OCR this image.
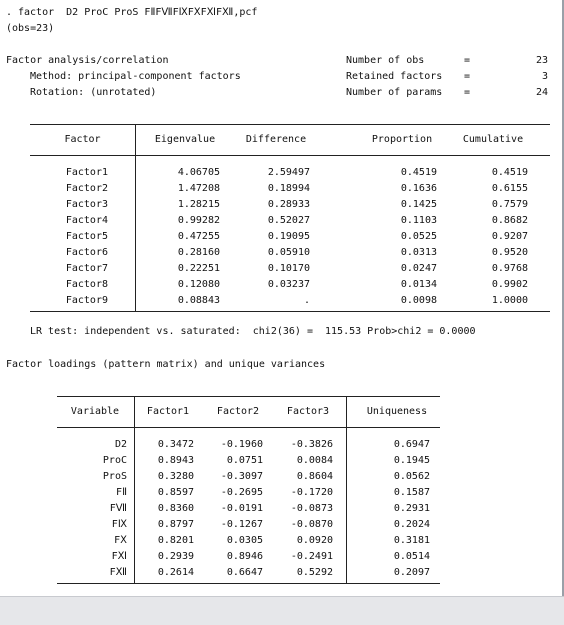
. factor  D2 ProC ProS FⅡFⅦFⅨFⅩFⅪFⅫ,pcf
(obs=23)
Factor analysis/correlation
Method: principal-component factors
Rotation: (unrotated)
Number of obs	=	23
Retained factors =	3
Number of params =	24
Factor	Eigenvalue	Difference	Proportion	Cumulative
Factor1	4.06705	2.59497	0.4519	0.4519
Factor2	1.47208	0.18994	0.1636	0.6155
Factor3	1.28215	0.28933	0.1425	0.7579
Factor4	0.99282	0.52027	0.1103	0.8682
Factor5	0.47255	0.19095	0.0525	0.9207
Factor6	0.28160	0.05910	0.0313	0.9520
Factor7	0.22251	0.10170	0.0247	0.9768
Factor8	0.12080	0.03237	0.0134	0.9902
Factor9	0.08843	.	0.0098	1.0000
LR test: independent vs. saturated:  chi2(36) =  115.53 Prob>chi2 = 0.0000
Factor loadings (pattern matrix) and unique variances
Variable	Factor1	Factor2	Factor3	Uniqueness
D2	0.3472	-0.1960	-0.3826	0.6947
ProC	0.8943	0.0751	0.0084	0.1945
ProS	0.3280	-0.3097	0.8604	0.0562
FⅡ	0.8597	-0.2695	-0.1720	0.1587
FⅦ	0.8360	-0.0191	-0.0873	0.2931
FⅨ	0.8797	-0.1267	-0.0870	0.2024
FⅩ	0.8201	0.0305	0.0920	0.3181
FⅪ	0.2939	0.8946	-0.2491	0.0514
FⅫ	0.2614	0.6647	0.5292	0.2097
